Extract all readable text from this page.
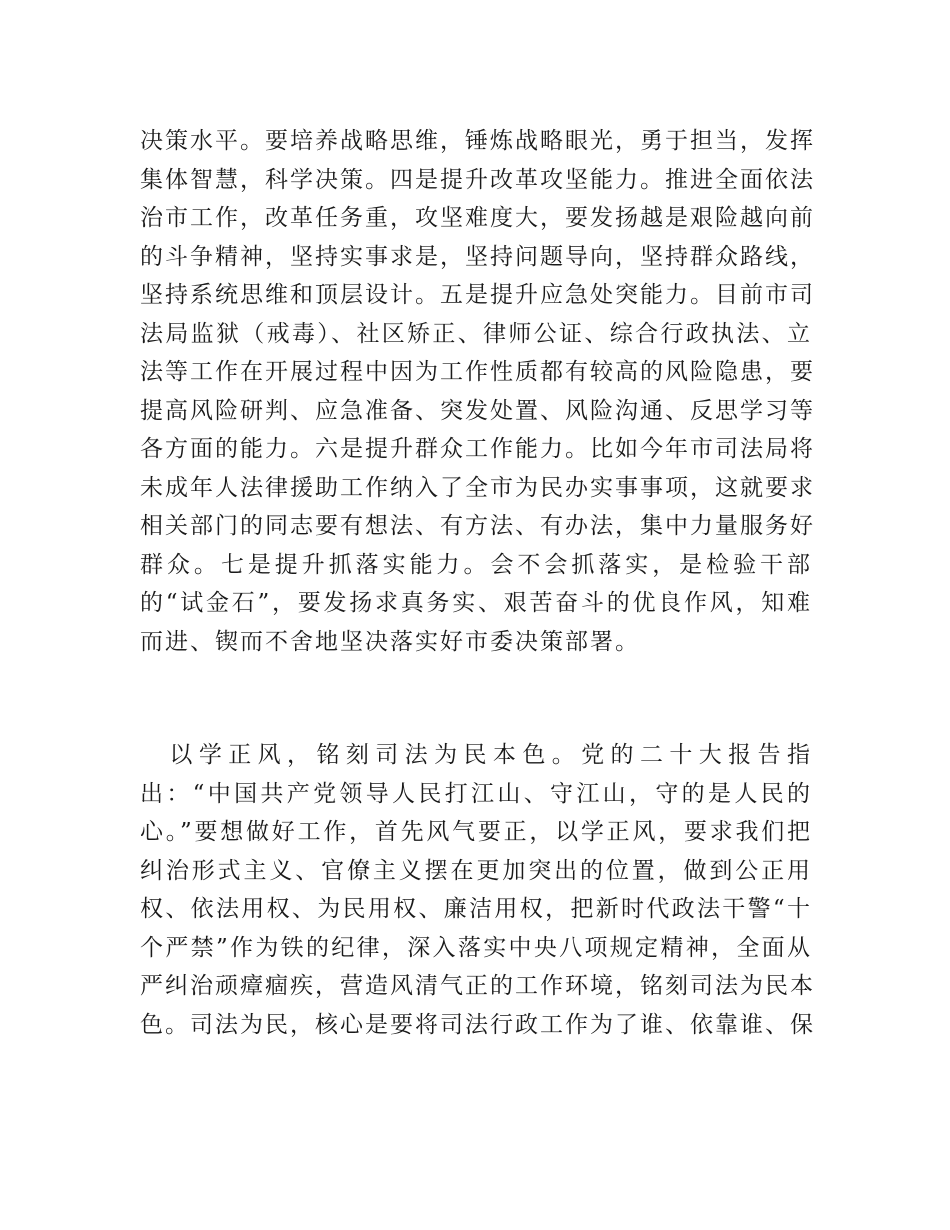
决策水平。要培养战略思维，锤炼战略眼光，勇于担当，发挥
集体智慧，科学决策。四是提升改革攻坚能力。推进全面依法
治市工作，改革任务重，攻坚难度大，要发扬越是艰险越向前
的斗争精神，坚持实事求是，坚持问题导向，坚持群众路线，
坚持系统思维和顶层设计。五是提升应急处突能力。目前市司
法局监狱（戒毒）、社区矫正、律师公证、综合行政执法、立
法等工作在开展过程中因为工作性质都有较高的风险隐患，要
提高风险研判、应急准备、突发处置、风险沟通、反思学习等
各方面的能力。六是提升群众工作能力。比如今年市司法局将
未成年人法律援助工作纳入了全市为民办实事事项，这就要求
相关部门的同志要有想法、有方法、有办法，集中力量服务好
群众。七是提升抓落实能力。会不会抓落实，是检验干部
的“试金石”，要发扬求真务实、艰苦奋斗的优良作风，知难
而进、锲而不舍地坚决落实好市委决策部署。
　以学正风，铭刻司法为民本色。党的二十大报告指
出：“中国共产党领导人民打江山、守江山，守的是人民的
心。”要想做好工作，首先风气要正，以学正风，要求我们把
纠治形式主义、官僚主义摆在更加突出的位置，做到公正用
权、依法用权、为民用权、廉洁用权，把新时代政法干警“十
个严禁”作为铁的纪律，深入落实中央八项规定精神，全面从
严纠治顽瘴痼疾，营造风清气正的工作环境，铭刻司法为民本
色。司法为民，核心是要将司法行政工作为了谁、依靠谁、保
